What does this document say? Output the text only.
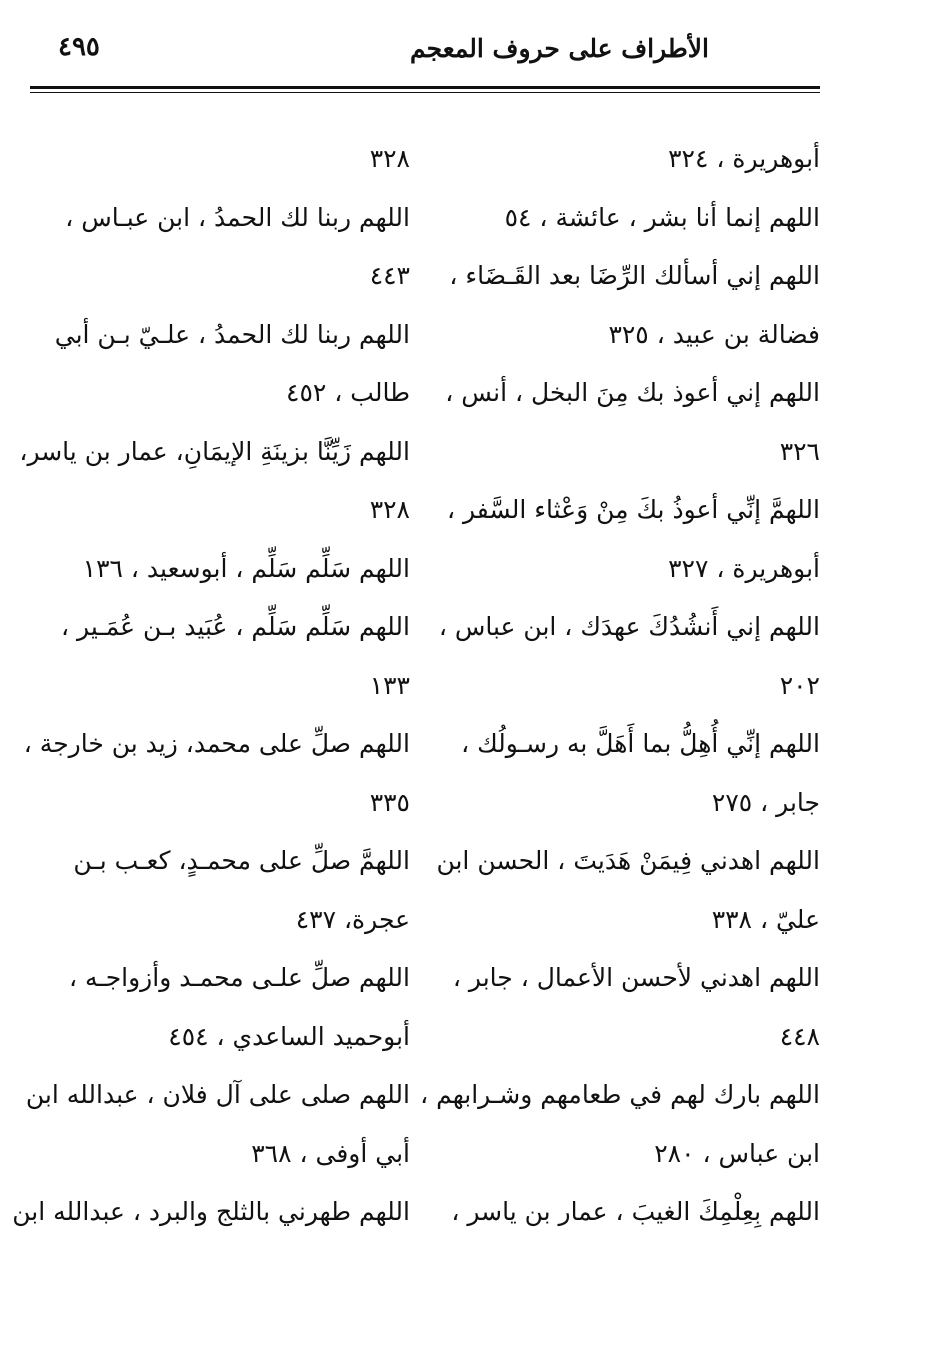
٤٩٥	الأطراف على حروف المعجم
أبوهريرة ، ٣٢٤
اللهم إنما أنا بشر ، عائشة ، ٥٤
اللهم إني أسألك الرِّضَا بعد القَـضَاء ،
فضالة بن عبيد ، ٣٢٥
اللهم إني أعوذ بك مِنَ البخل ، أنس ،
٣٢٦
اللهمَّ إنِّي أعوذُ بكَ مِنْ وَعْثاء السَّفر ،
أبوهريرة ، ٣٢٧
اللهم إني أَنشُدُكَ عهدَك ، ابن عباس ،
٢٠٢
اللهم إنِّي أُهِلُّ بما أَهَلَّ به رسـولُك ،
جابر ، ٢٧٥
اللهم اهدني فِيمَنْ هَدَيتَ ، الحسن ابن
عليّ ، ٣٣٨
اللهم اهدني لأحسن الأعمال ، جابر ،
٤٤٨
اللهم بارك لهم في طعامهم وشـرابهم ،
ابن عباس ، ٢٨٠
اللهم بِعِلْمِكَ الغيبَ ، عمار بن ياسر ،
٣٢٨
اللهم ربنا لك الحمدُ ، ابن عبـاس ،
٤٤٣
اللهم ربنا لك الحمدُ ، علـيّ بـن أبي
طالب ، ٤٥٢
اللهم زَيِّنَّا بزينَةِ الإيمَانِ، عمار بن ياسر،
٣٢٨
اللهم سَلِّم سَلِّم ، أبوسعيد ، ١٣٦
اللهم سَلِّم سَلِّم ، عُبَيد بـن عُمَـير ،
١٣٣
اللهم صلِّ على محمد، زيد بن خارجة ،
٣٣٥
اللهمَّ صلِّ على محمـدٍ، كعـب بـن
عجرة، ٤٣٧
اللهم صلِّ علـى محمـد وأزواجـه ،
أبوحميد الساعدي ، ٤٥٤
اللهم صلى على آل فلان ، عبدالله ابن
أبي أوفى ، ٣٦٨
اللهم طهرني بالثلج والبرد ، عبدالله ابن
